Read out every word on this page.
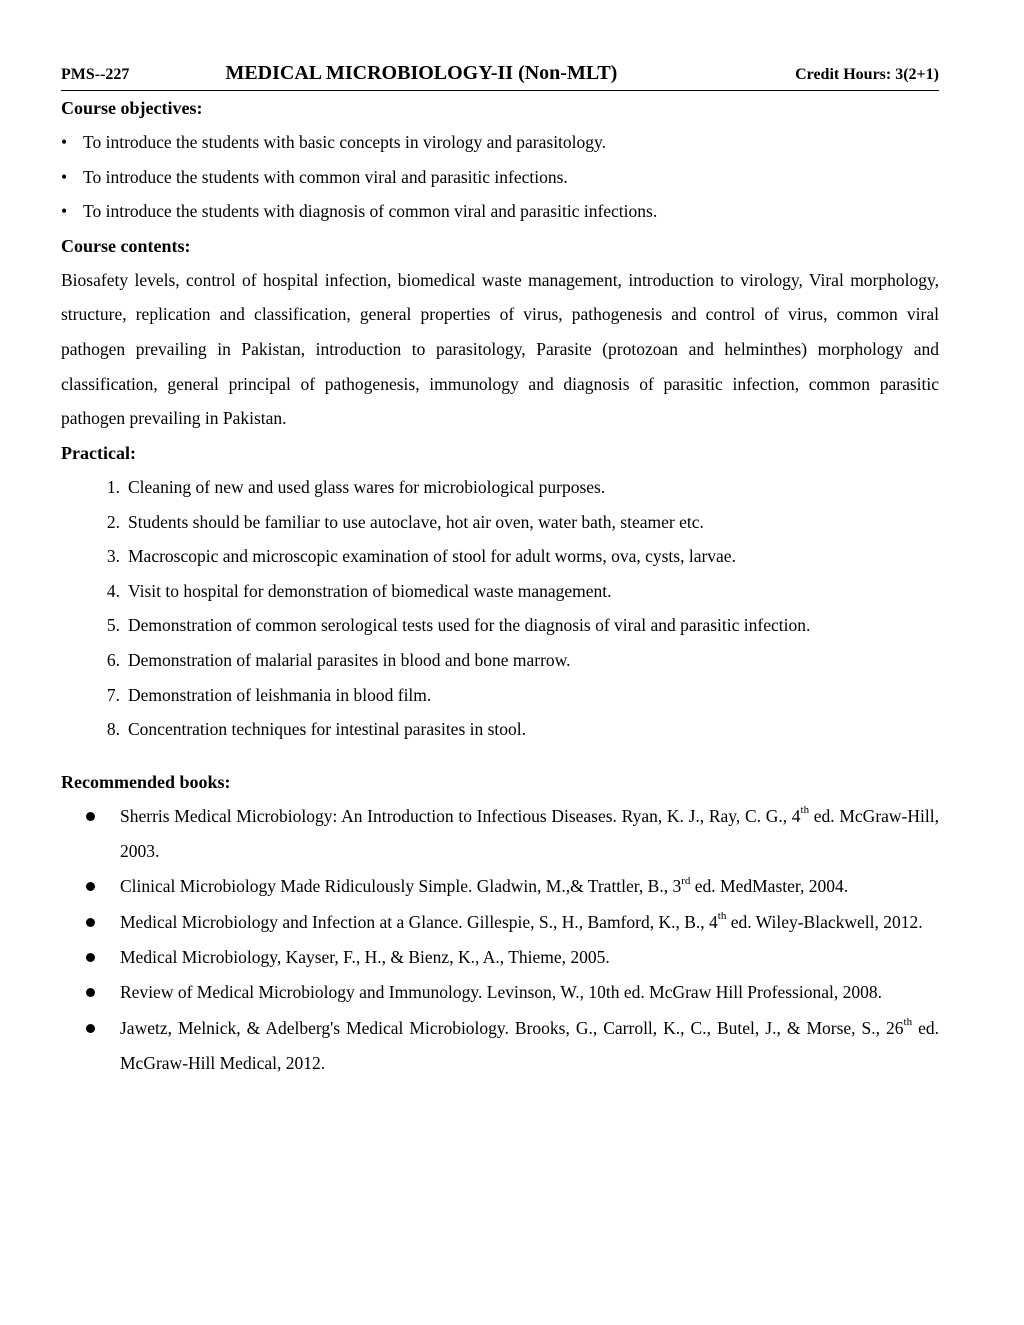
PMS--227	MEDICAL MICROBIOLOGY-II (Non-MLT)	Credit Hours: 3(2+1)

Course objectives:

• To introduce the students with basic concepts in virology and parasitology.
• To introduce the students with common viral and parasitic infections.
• To introduce the students with diagnosis of common viral and parasitic infections.

Course contents:

Biosafety levels, control of hospital infection, biomedical waste management, introduction to virology, Viral morphology, structure, replication and classification, general properties of virus, pathogenesis and control of virus, common viral pathogen prevailing in Pakistan, introduction to parasitology, Parasite (protozoan and helminthes) morphology and classification, general principal of pathogenesis, immunology and diagnosis of parasitic infection, common parasitic pathogen prevailing in Pakistan.

Practical:

1. Cleaning of new and used glass wares for microbiological purposes.
2. Students should be familiar to use autoclave, hot air oven, water bath, steamer etc.
3. Macroscopic and microscopic examination of stool for adult worms, ova, cysts, larvae.
4. Visit to hospital for demonstration of biomedical waste management.
5. Demonstration of common serological tests used for the diagnosis of viral and parasitic infection.
6. Demonstration of malarial parasites in blood and bone marrow.
7. Demonstration of leishmania in blood film.
8. Concentration techniques for intestinal parasites in stool.

Recommended books:

Sherris Medical Microbiology: An Introduction to Infectious Diseases. Ryan, K. J., Ray, C. G., 4th ed. McGraw-Hill, 2003.
Clinical Microbiology Made Ridiculously Simple. Gladwin, M.,& Trattler, B., 3rd ed. MedMaster, 2004.
Medical Microbiology and Infection at a Glance. Gillespie, S., H., Bamford, K., B., 4th ed. Wiley-Blackwell, 2012.
Medical Microbiology, Kayser, F., H., & Bienz, K., A., Thieme, 2005.
Review of Medical Microbiology and Immunology. Levinson, W., 10th ed. McGraw Hill Professional, 2008.
Jawetz, Melnick, & Adelberg's Medical Microbiology. Brooks, G., Carroll, K., C., Butel, J., & Morse, S., 26th ed. McGraw-Hill Medical, 2012.
